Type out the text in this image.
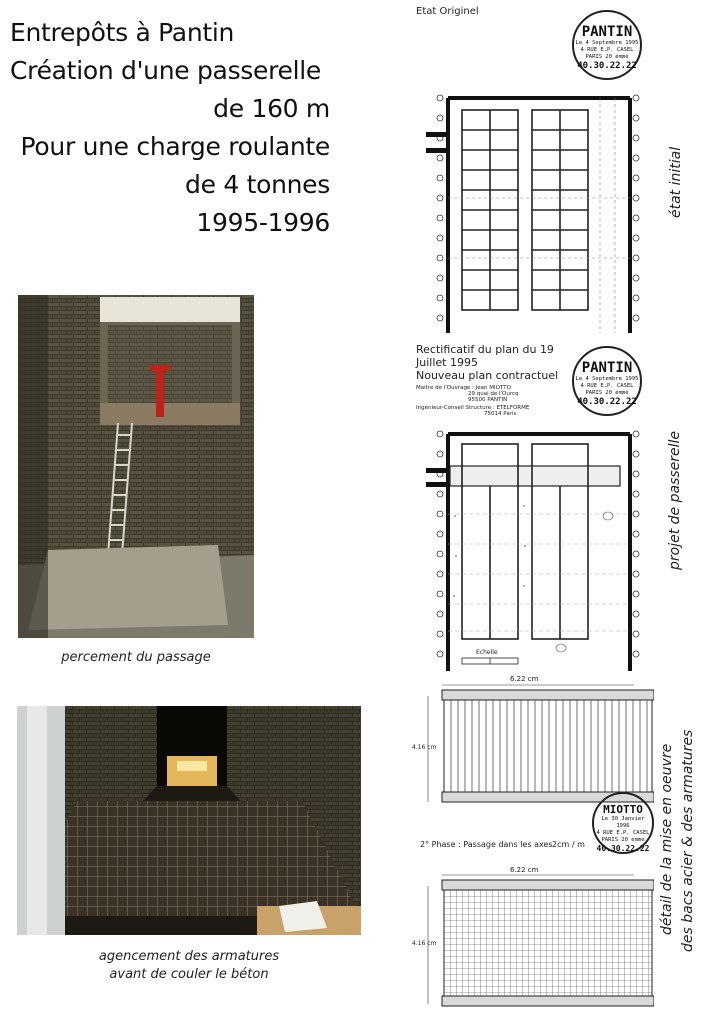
Entrepôts à Pantin
Création d'une passerelle
de 160 m
Pour une charge roulante
de 4 tonnes
1995-1996
percement du passage
agencement des armatures
avant de couler le béton
Etat Originel
PANTIN
Le 4 Septembre 1995
4 RUE E.P. CASEL
PARIS 20 émme
40.30.22.22
état initial
Rectificatif du plan du 19 Juillet 1995
Nouveau plan contractuel
Maitre de l'Ouvrage : Jean MIOTTO
29 quai de l'Ourcq
95500 PANTIN
Ingénieur-Conseil Structure : ETELFORME
75014 Paris
PANTIN
Le 4 Septembre 1995
4 RUE E.P. CASEL
PARIS 20 émme
40.30.22.22
Echelle
projet de passerelle
6.22 cm
4.16 cm
2° Phase : Passage dans les axes 2cm / m
MIOTTO
Le 30 Janvier 1996
4 RUE E.P. CASEL
PARIS 20 émme
40.30.22.22
6.22 cm
4.16 cm
détail de la mise en oeuvre des bacs acier & des armatures
